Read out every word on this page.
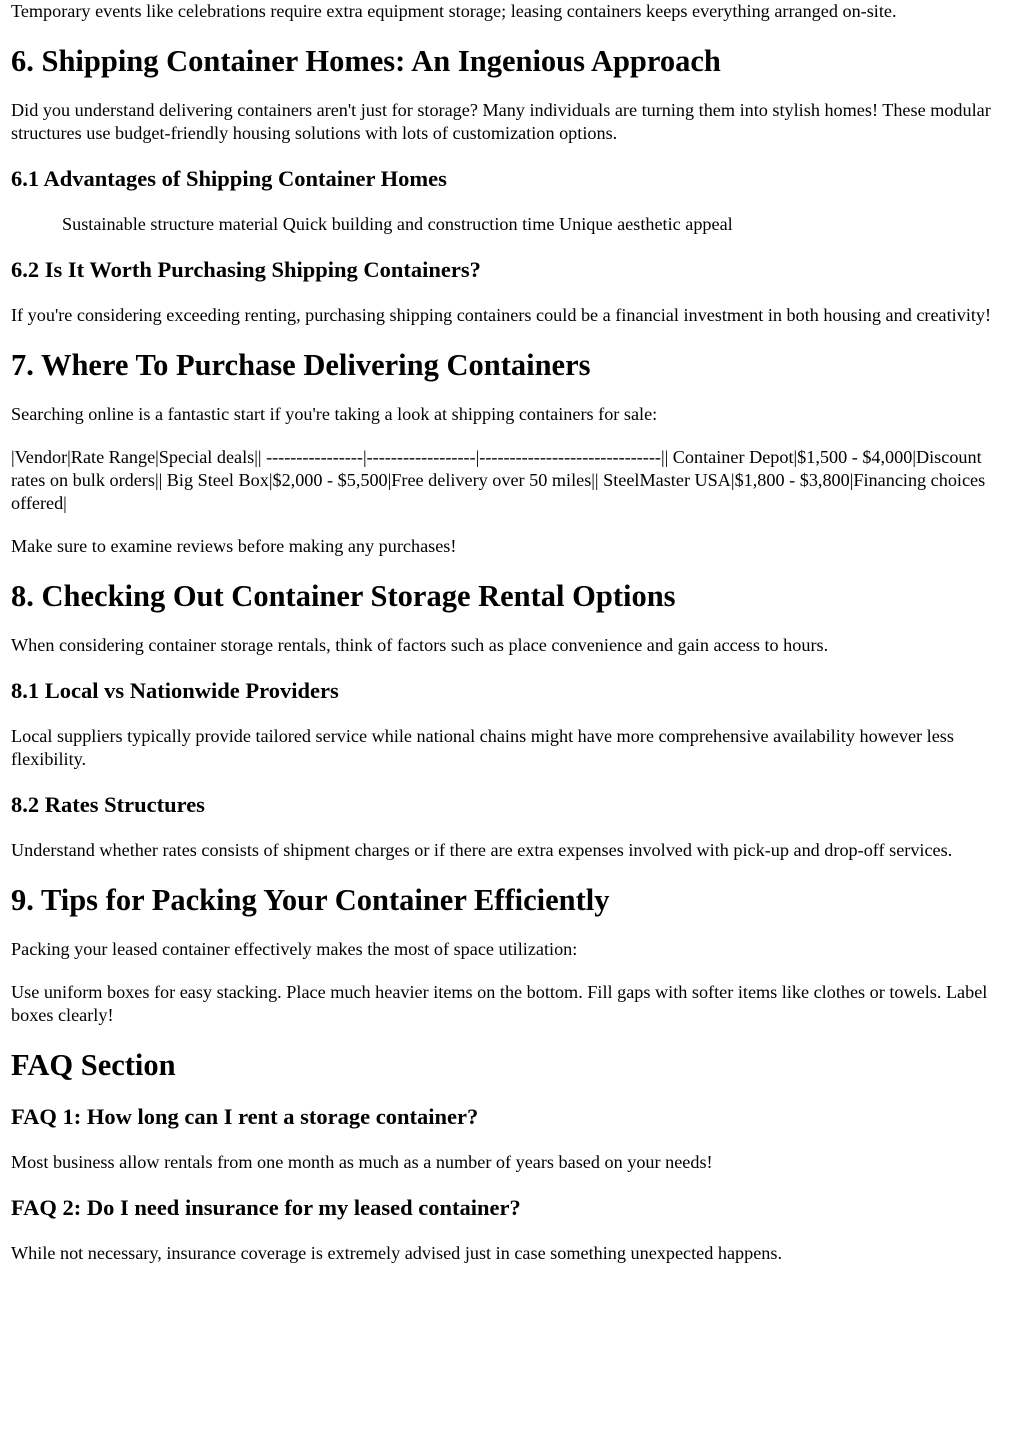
Temporary events like celebrations require extra equipment storage; leasing containers keeps everything arranged on-site.

6. Shipping Container Homes: An Ingenious Approach

Did you understand delivering containers aren't just for storage? Many individuals are turning them into stylish homes! These modular structures use budget-friendly housing solutions with lots of customization options.

6.1 Advantages of Shipping Container Homes

Sustainable structure material Quick building and construction time Unique aesthetic appeal

6.2 Is It Worth Purchasing Shipping Containers?

If you're considering exceeding renting, purchasing shipping containers could be a financial investment in both housing and creativity!

7. Where To Purchase Delivering Containers

Searching online is a fantastic start if you're taking a look at shipping containers for sale:

|Vendor|Rate Range|Special deals|| ----------------|------------------|------------------------------|| Container Depot|$1,500 - $4,000|Discount rates on bulk orders|| Big Steel Box|$2,000 - $5,500|Free delivery over 50 miles|| SteelMaster USA|$1,800 - $3,800|Financing choices offered|

Make sure to examine reviews before making any purchases!

8. Checking Out Container Storage Rental Options

When considering container storage rentals, think of factors such as place convenience and gain access to hours.

8.1 Local vs Nationwide Providers

Local suppliers typically provide tailored service while national chains might have more comprehensive availability however less flexibility.

8.2 Rates Structures

Understand whether rates consists of shipment charges or if there are extra expenses involved with pick-up and drop-off services.

9. Tips for Packing Your Container Efficiently

Packing your leased container effectively makes the most of space utilization:

Use uniform boxes for easy stacking. Place much heavier items on the bottom. Fill gaps with softer items like clothes or towels. Label boxes clearly!

FAQ Section
FAQ 1: How long can I rent a storage container?

Most business allow rentals from one month as much as a number of years based on your needs!

FAQ 2: Do I need insurance for my leased container?

While not necessary, insurance coverage is extremely advised just in case something unexpected happens.
